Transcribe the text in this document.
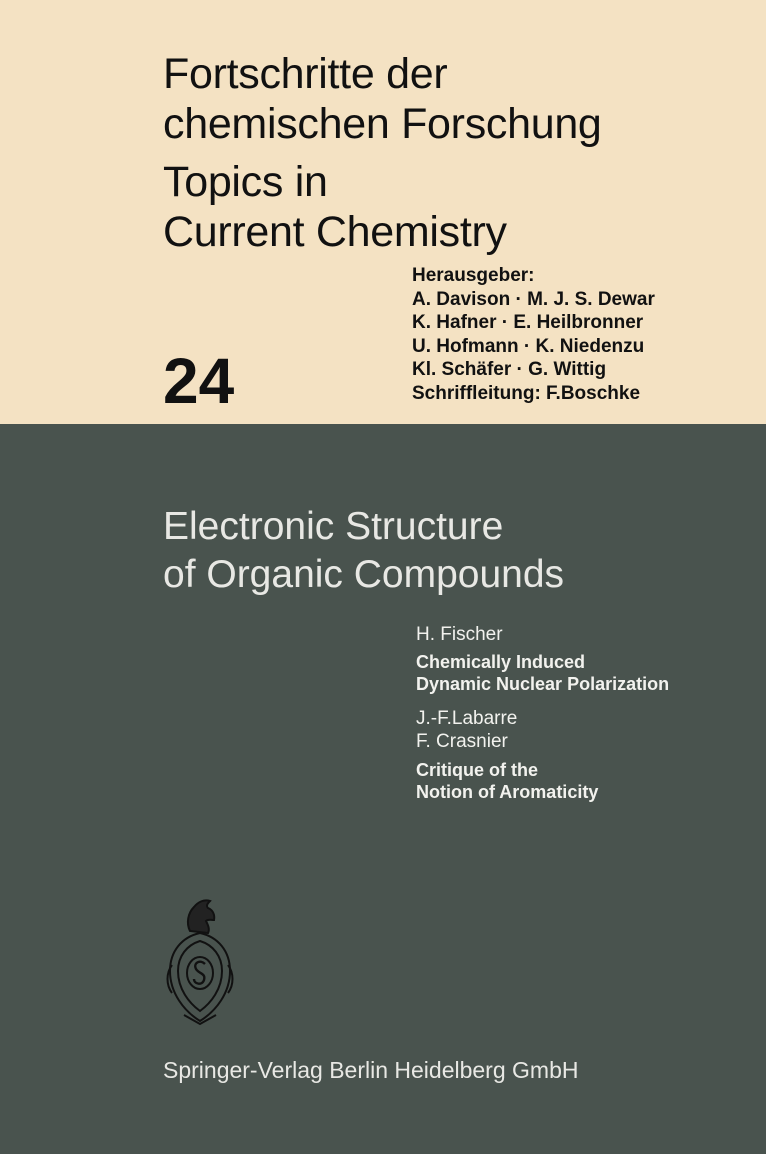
Fortschritte der
chemischen Forschung
Topics in
Current Chemistry
Herausgeber:
A. Davison · M. J. S. Dewar
K. Hafner · E. Heilbronner
U. Hofmann · K. Niedenzu
Kl. Schäfer · G. Wittig
Schriffleitung: F.Boschke
24
Electronic Structure
of Organic Compounds
H. Fischer
Chemically Induced
Dynamic Nuclear Polarization
J.-F.Labarre
F. Crasnier
Critique of the
Notion of Aromaticity
Springer-Verlag Berlin Heidelberg GmbH
